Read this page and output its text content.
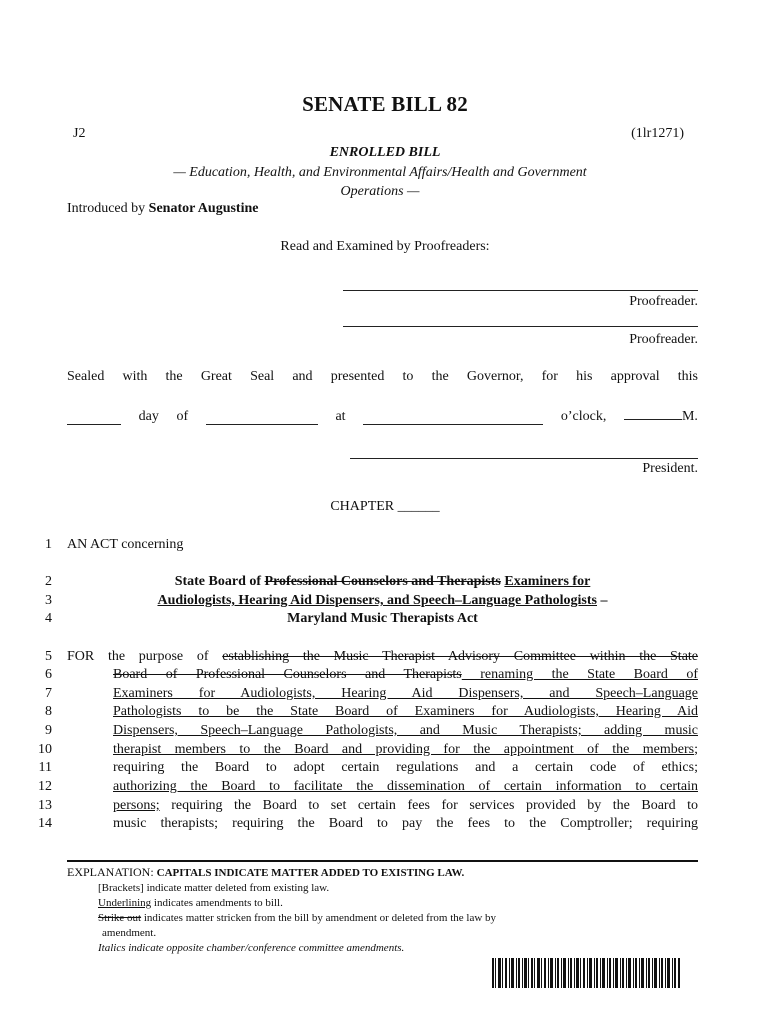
SENATE BILL 82
J2	(1lr1271)
ENROLLED BILL
— Education, Health, and Environmental Affairs/Health and Government
Operations —
Introduced by Senator Augustine
Read and Examined by Proofreaders:
Proofreader.
Proofreader.
Sealed with the Great Seal and presented to the Governor, for his approval this
day of	at	o’clock,	M.
President.
CHAPTER ______
1
2
3
4
5
6
7
8
9
10
11
12
13
14
AN ACT concerning
State Board of Professional Counselors and Therapists Examiners for
Audiologists, Hearing Aid Dispensers, and Speech–Language Pathologists –
Maryland Music Therapists Act
FOR the purpose of establishing the Music Therapist Advisory Committee within the State
Board of Professional Counselors and Therapists renaming the State Board of
Examiners for Audiologists, Hearing Aid Dispensers, and Speech–Language
Pathologists to be the State Board of Examiners for Audiologists, Hearing Aid
Dispensers, Speech–Language Pathologists, and Music Therapists; adding music
therapist members to the Board and providing for the appointment of the members;
requiring the Board to adopt certain regulations and a certain code of ethics;
authorizing the Board to facilitate the dissemination of certain information to certain
persons; requiring the Board to set certain fees for services provided by the Board to
music therapists; requiring the Board to pay the fees to the Comptroller; requiring
EXPLANATION: CAPITALS INDICATE MATTER ADDED TO EXISTING LAW.
[Brackets] indicate matter deleted from existing law.
Underlining indicates amendments to bill.
Strike out indicates matter stricken from the bill by amendment or deleted from the law by
amendment.
Italics indicate opposite chamber/conference committee amendments.
